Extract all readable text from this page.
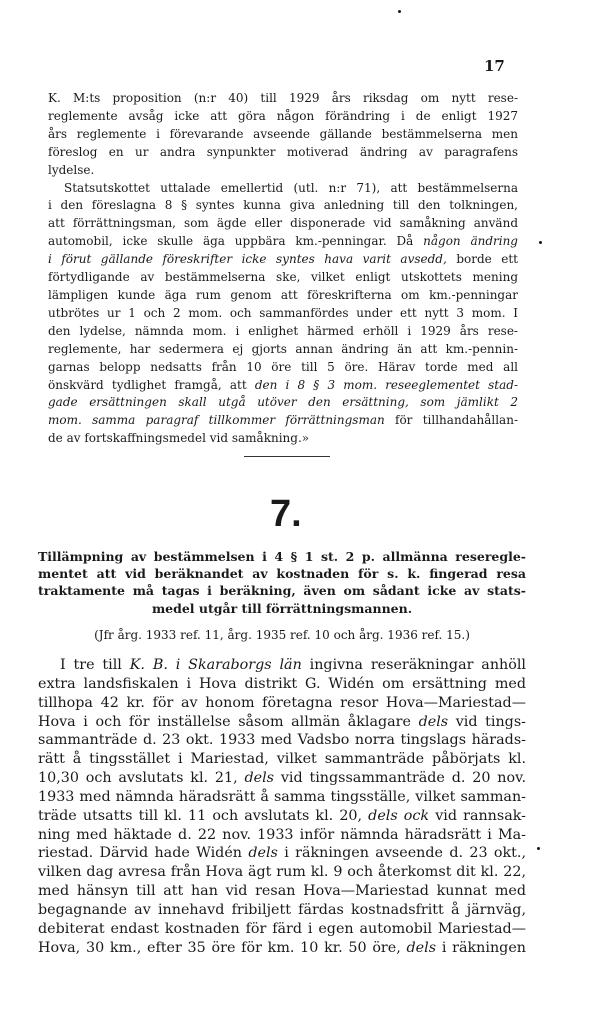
17
K. M:ts proposition (n:r 40) till 1929 års riksdag om nytt rese-
reglemente avsåg icke att göra någon förändring i de enligt 1927
års reglemente i förevarande avseende gällande bestämmelserna men
föreslog en ur andra synpunkter motiverad ändring av paragrafens
lydelse.
Statsutskottet uttalade emellertid (utl. n:r 71), att bestämmelserna
i den föreslagna 8 § syntes kunna giva anledning till den tolkningen,
att förrättningsman, som ägde eller disponerade vid samåkning använd
automobil, icke skulle äga uppbära km.-penningar. Då någon ändring
i förut gällande föreskrifter icke syntes hava varit avsedd, borde ett
förtydligande av bestämmelserna ske, vilket enligt utskottets mening
lämpligen kunde äga rum genom att föreskrifterna om km.-penningar
utbrötes ur 1 och 2 mom. och sammanfördes under ett nytt 3 mom. I
den lydelse, nämnda mom. i enlighet härmed erhöll i 1929 års rese-
reglemente, har sedermera ej gjorts annan ändring än att km.-pennin-
garnas belopp nedsatts från 10 öre till 5 öre. Härav torde med all
önskvärd tydlighet framgå, att den i 8 § 3 mom. reseeglementet stad-
gade ersättningen skall utgå utöver den ersättning, som jämlikt 2
mom. samma paragraf tillkommer förrättningsman för tillhandahållan-
de av fortskaffningsmedel vid samåkning.»
7.
Tillämpning av bestämmelsen i 4 § 1 st. 2 p. allmänna reseregle-
mentet att vid beräknandet av kostnaden för s. k. fingerad resa
traktamente må tagas i beräkning, även om sådant icke av stats-
medel utgår till förrättningsmannen.
(Jfr årg. 1933 ref. 11, årg. 1935 ref. 10 och årg. 1936 ref. 15.)
I tre till K. B. i Skaraborgs län ingivna reseräkningar anhöll
extra landsfiskalen i Hova distrikt G. Widén om ersättning med
tillhopa 42 kr. för av honom företagna resor Hova—Mariestad—
Hova i och för inställelse såsom allmän åklagare dels vid tings-
sammanträde d. 23 okt. 1933 med Vadsbo norra tingslags härads-
rätt å tingsstället i Mariestad, vilket sammanträde påbörjats kl.
10,30 och avslutats kl. 21, dels vid tingssammanträde d. 20 nov.
1933 med nämnda häradsrätt å samma tingsställe, vilket samman-
träde utsatts till kl. 11 och avslutats kl. 20, dels ock vid rannsak-
ning med häktade d. 22 nov. 1933 inför nämnda häradsrätt i Ma-
riestad. Därvid hade Widén dels i räkningen avseende d. 23 okt.,
vilken dag avresa från Hova ägt rum kl. 9 och återkomst dit kl. 22,
med hänsyn till att han vid resan Hova—Mariestad kunnat med
begagnande av innehavd fribiljett färdas kostnadsfritt å järnväg,
debiterat endast kostnaden för färd i egen automobil Mariestad—
Hova, 30 km., efter 35 öre för km. 10 kr. 50 öre, dels i räkningen
